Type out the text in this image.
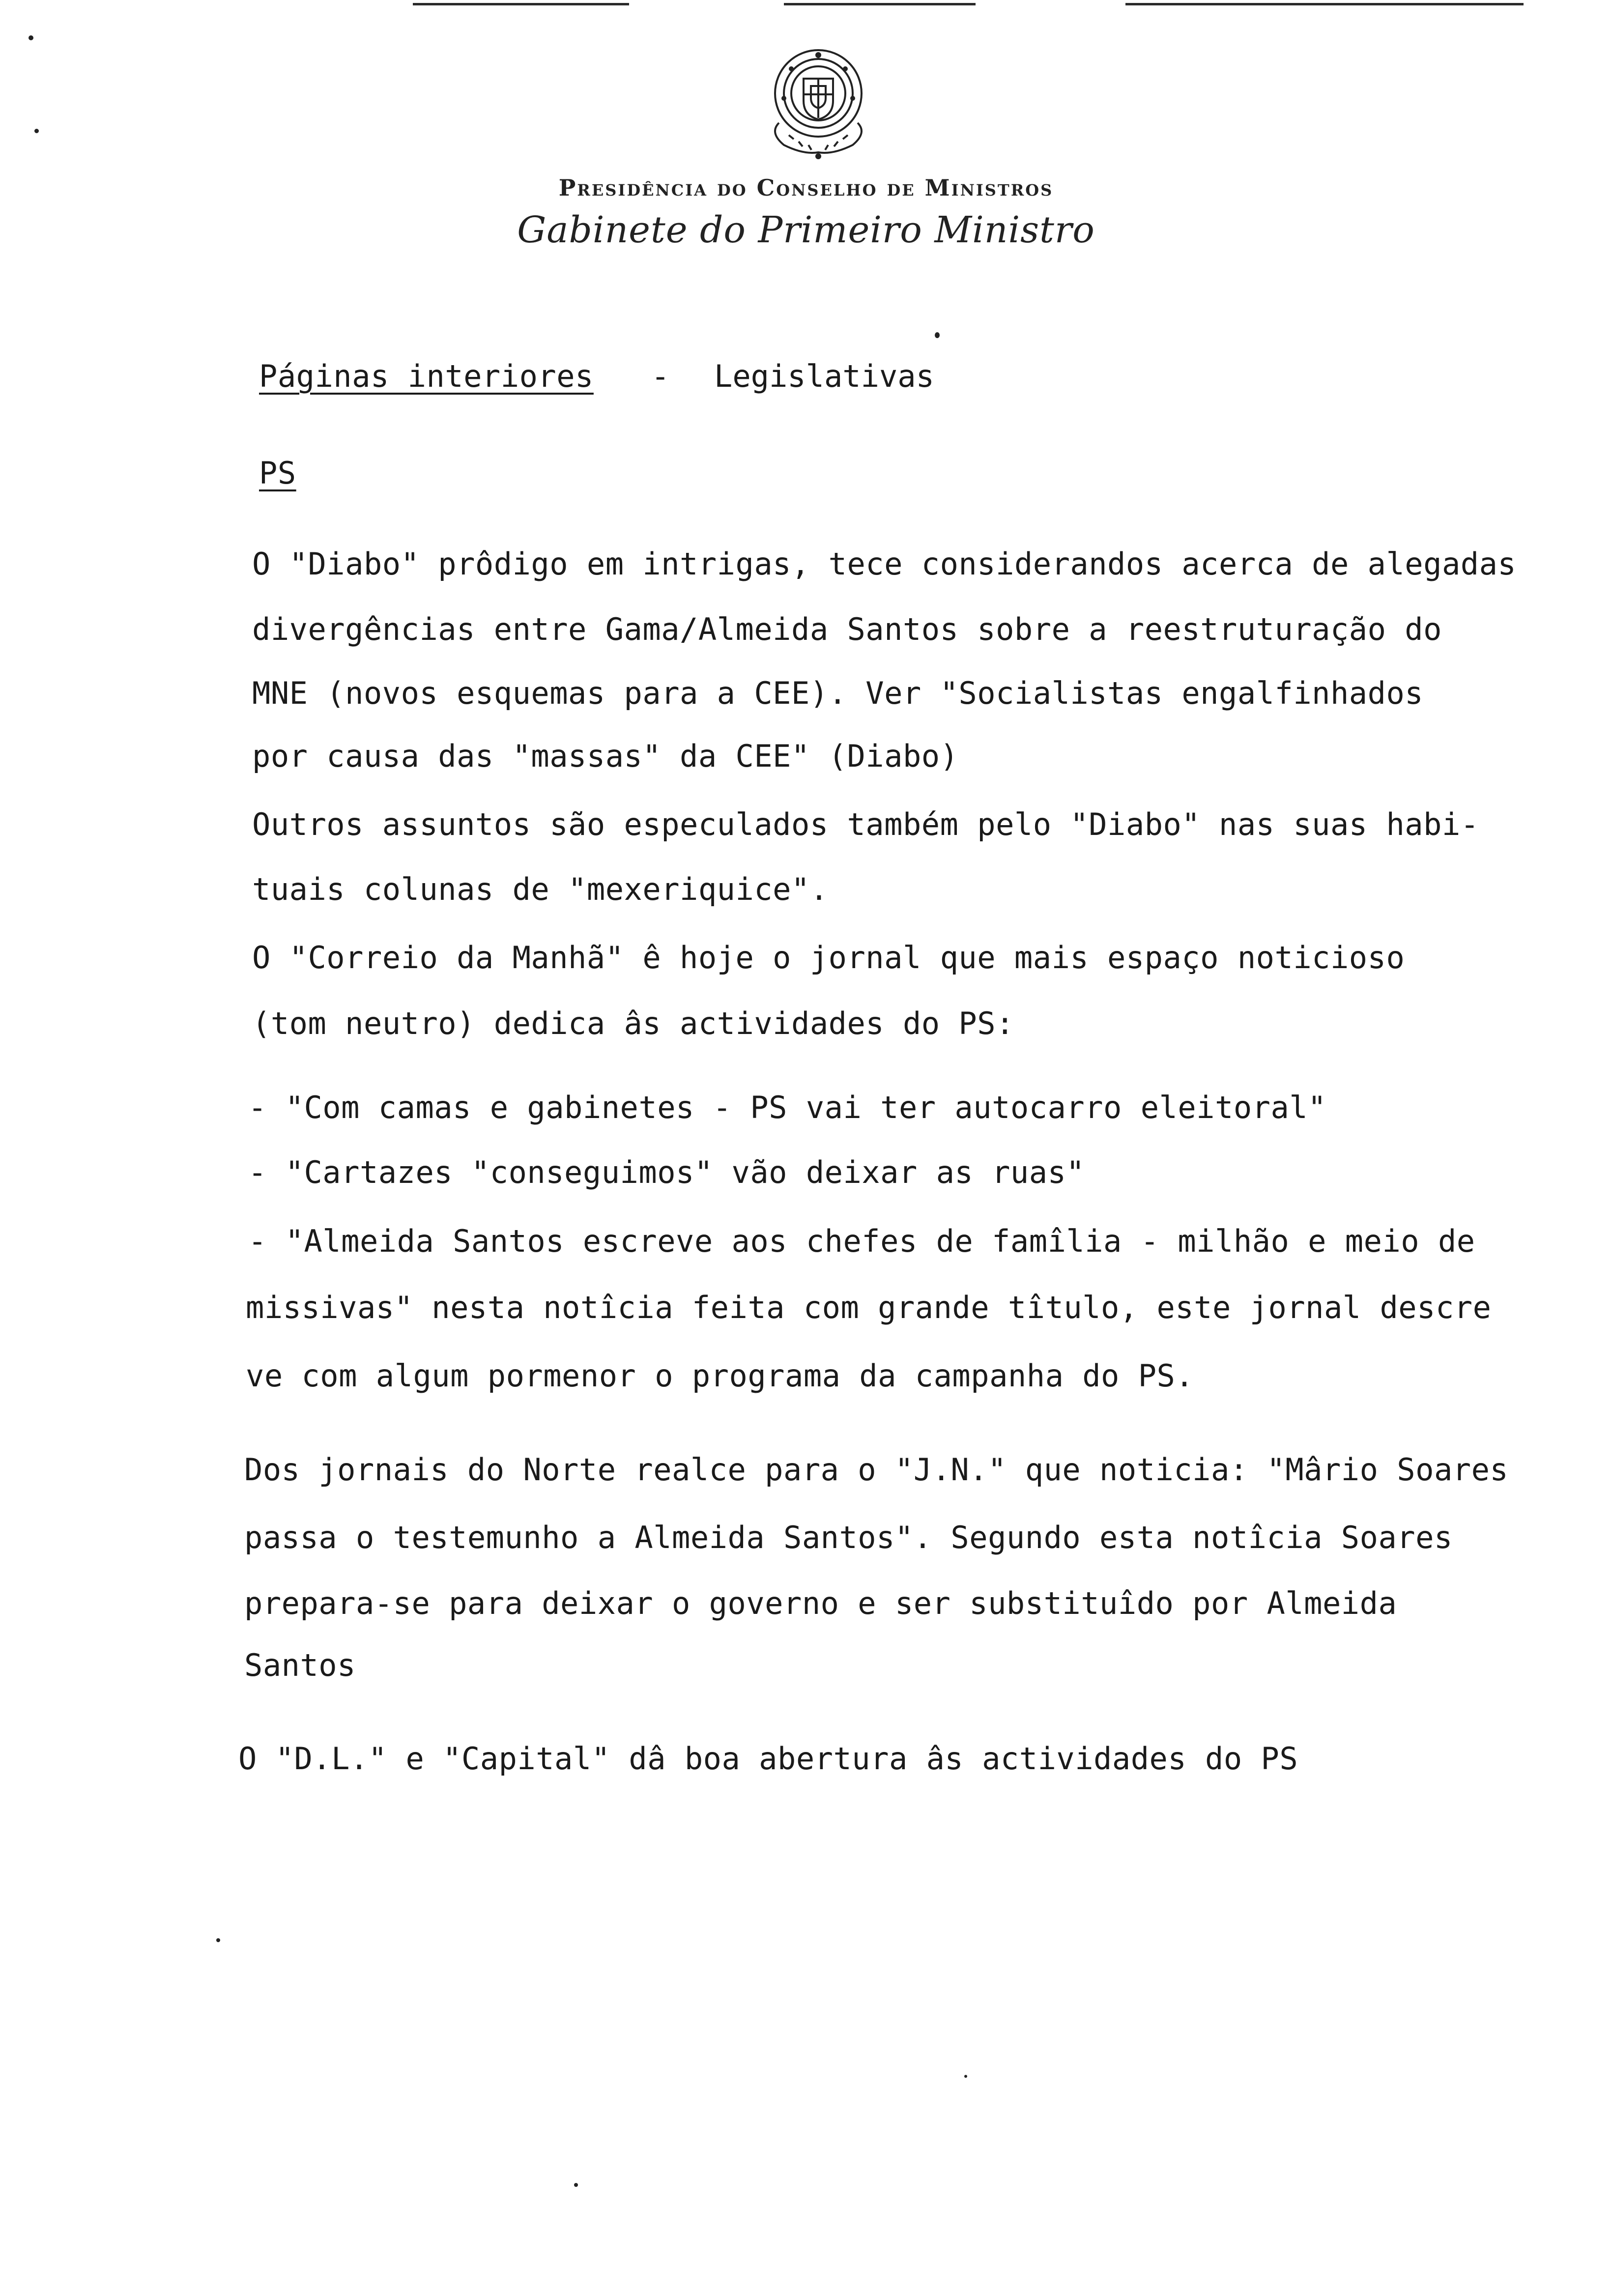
Presidência do Conselho de Ministros
Gabinete do Primeiro Ministro
Páginas interiores - Legislativas
PS
O "Diabo" prôdigo em intrigas, tece considerandos acerca de alegadas
divergências entre Gama/Almeida Santos sobre a reestruturação do
MNE (novos esquemas para a CEE). Ver "Socialistas engalfinhados
por causa das "massas" da CEE" (Diabo)
Outros assuntos são especulados também pelo "Diabo" nas suas habi-
tuais colunas de "mexeriquice".
O "Correio da Manhã" ê hoje o jornal que mais espaço noticioso
(tom neutro) dedica âs actividades do PS:
- "Com camas e gabinetes - PS vai ter autocarro eleitoral"
- "Cartazes "conseguimos" vão deixar as ruas"
- "Almeida Santos escreve aos chefes de famîlia - milhão e meio de
missivas" nesta notîcia feita com grande tîtulo, este jornal descre
ve com algum pormenor o programa da campanha do PS.
Dos jornais do Norte realce para o "J.N." que noticia: "Mârio Soares
passa o testemunho a Almeida Santos". Segundo esta notîcia Soares
prepara-se para deixar o governo e ser substituîdo por Almeida
Santos
O "D.L." e "Capital" dâ boa abertura âs actividades do PS
